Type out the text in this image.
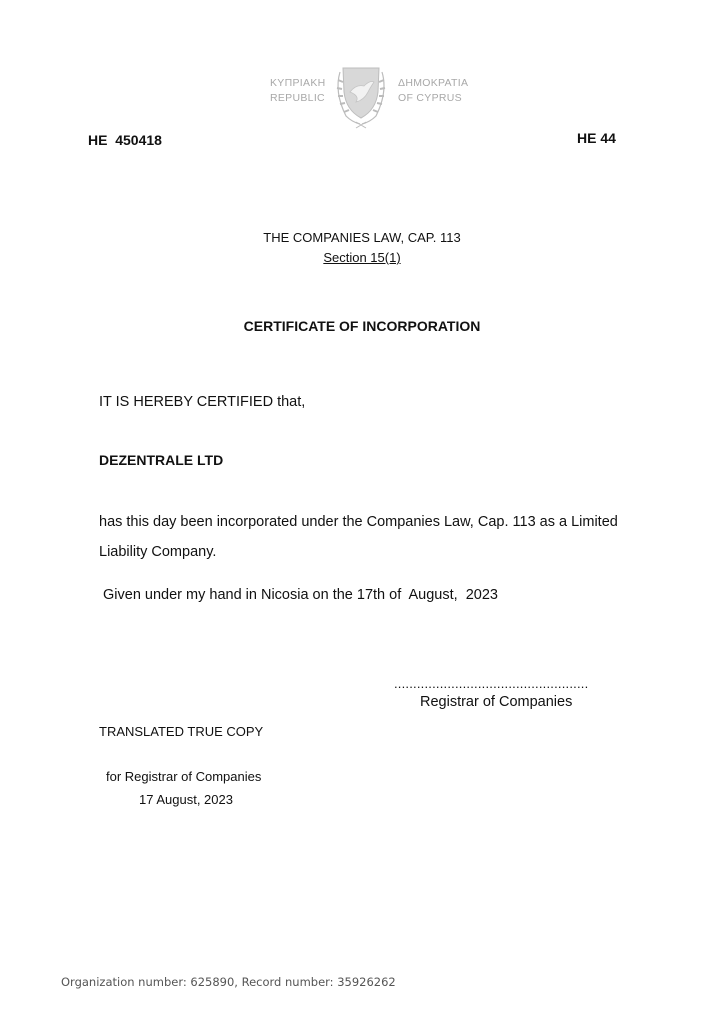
ΚΥΠΡΙΑΚΗ
REPUBLIC
ΔΗΜΟΚΡΑΤΙΑ
OF CYPRUS
HE  450418	HE 44
THE COMPANIES LAW, CAP. 113
Section 15(1)
CERTIFICATE OF INCORPORATION
IT IS HEREBY CERTIFIED that,
DEZENTRALE LTD
has this day been incorporated under the Companies Law, Cap. 113 as a Limited
Liability Company.
Given under my hand in Nicosia on the 17th of  August,  2023
...................................................
Registrar of Companies
TRANSLATED TRUE COPY
for Registrar of Companies
17 August, 2023
Organization number: 625890, Record number: 35926262
